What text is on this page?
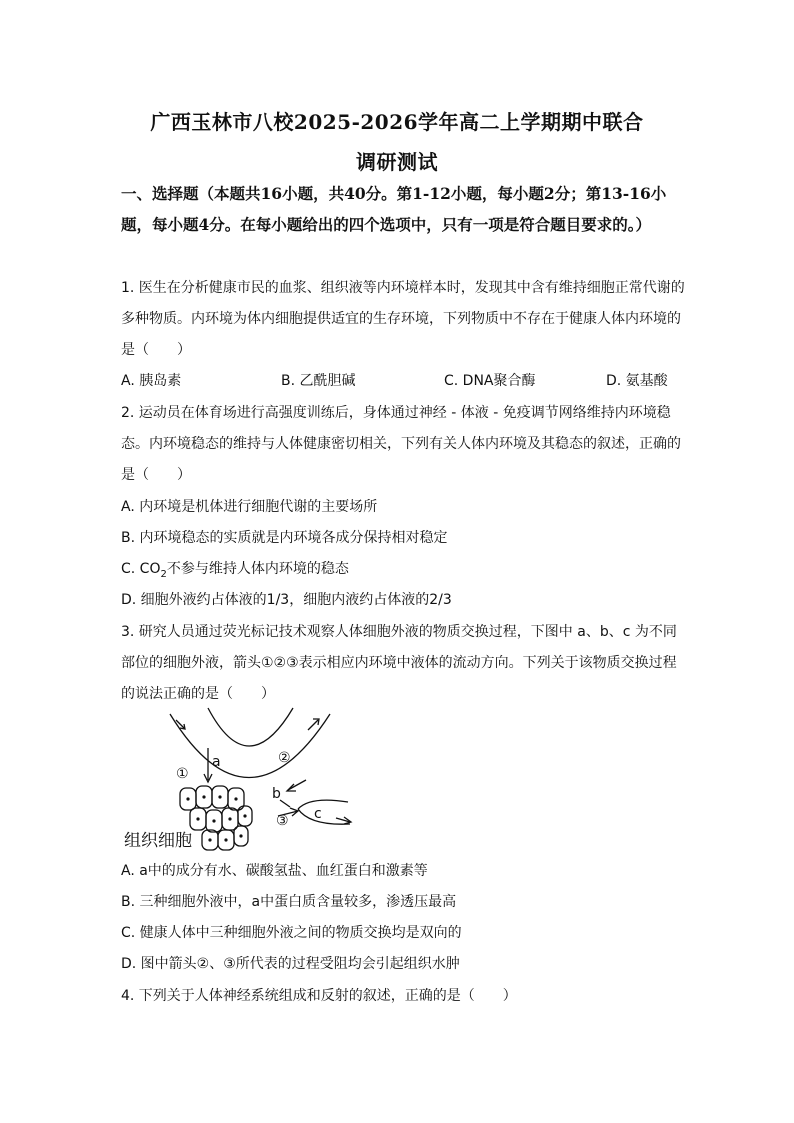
广西玉林市八校2025-2026学年高二上学期期中联合
调研测试
一、选择题（本题共16小题，共40分。第1-12小题，每小题2分；第13-16小题，每小题4分。在每小题给出的四个选项中，只有一项是符合题目要求的。）
1. 医生在分析健康市民的血浆、组织液等内环境样本时，发现其中含有维持细胞正常代谢的多种物质。内环境为体内细胞提供适宜的生存环境，下列物质中不存在于健康人体内环境的是（　　）
A. 胰岛素	B. 乙酰胆碱	C. DNA聚合酶	D. 氨基酸
2. 运动员在体育场进行高强度训练后，身体通过神经 - 体液 - 免疫调节网络维持内环境稳态。内环境稳态的维持与人体健康密切相关，下列有关人体内环境及其稳态的叙述，正确的是（　　）
A. 内环境是机体进行细胞代谢的主要场所
B. 内环境稳态的实质就是内环境各成分保持相对稳定
C. $CO_2$不参与维持人体内环境的稳态
D. 细胞外液约占体液的1/3，细胞内液约占体液的2/3
3. 研究人员通过荧光标记技术观察人体细胞外液的物质交换过程，下图中 a、b、c 为不同部位的细胞外液，箭头①②③表示相应内环境中液体的流动方向。下列关于该物质交换过程的说法正确的是（　　）
a
①
②
b
③ c
组织细胞
A. a中的成分有水、碳酸氢盐、血红蛋白和激素等
B. 三种细胞外液中，a中蛋白质含量较多，渗透压最高
C. 健康人体中三种细胞外液之间的物质交换均是双向的
D. 图中箭头②、③所代表的过程受阻均会引起组织水肿
4. 下列关于人体神经系统组成和反射的叙述，正确的是（　　）
